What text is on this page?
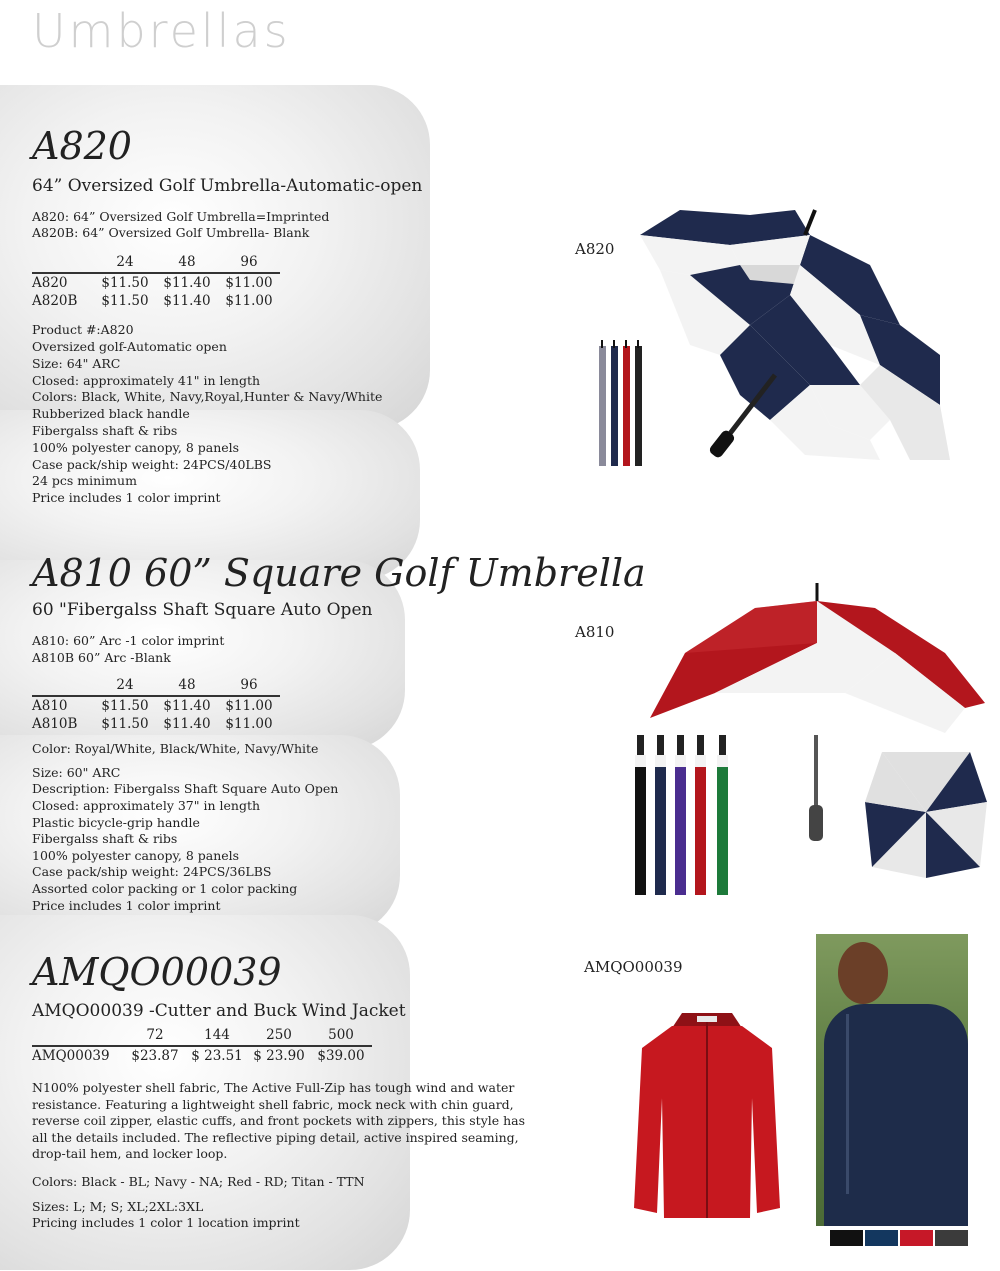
Umbrellas
A820
64” Oversized Golf Umbrella-Automatic-open
A820: 64” Oversized Golf Umbrella=Imprinted
A820B: 64” Oversized Golf Umbrella- Blank
	24	48	96
A820	$11.50	$11.40	$11.00
A820B	$11.50	$11.40	$11.00
Product #:A820
Oversized golf-Automatic open
Size: 64" ARC
Closed: approximately 41" in length
Colors: Black, White, Navy,Royal,Hunter & Navy/White
Rubberized black handle
Fibergalss shaft & ribs
100% polyester canopy, 8 panels
Case pack/ship weight: 24PCS/40LBS
24 pcs minimum
Price includes 1 color imprint
A820
A810 60” Square Golf Umbrella
60 "Fibergalss Shaft Square Auto Open
A810: 60” Arc -1 color imprint
A810B 60” Arc -Blank
	24	48	96
A810	$11.50	$11.40	$11.00
A810B	$11.50	$11.40	$11.00
Color: Royal/White, Black/White, Navy/White
Size: 60" ARC
Description: Fibergalss Shaft Square Auto Open
Closed: approximately 37" in length
Plastic bicycle-grip handle
Fibergalss shaft & ribs
100% polyester canopy, 8 panels
Case pack/ship weight: 24PCS/36LBS
Assorted color packing or 1 color packing
Price includes 1 color imprint
A810
AMQO00039
AMQO00039 -Cutter and Buck Wind Jacket
	72	144	250	500
AMQ00039	$23.87	$ 23.51	$ 23.90	$39.00
N100% polyester shell fabric, The Active Full-Zip has tough wind and water resistance. Featuring a lightweight shell fabric, mock neck with chin guard, reverse coil zipper, elastic cuffs, and front pockets with zippers, this style has all the details included. The reflective piping detail, active inspired seaming, drop-tail hem, and locker loop.
Colors: Black - BL; Navy - NA; Red - RD; Titan - TTN
Sizes: L; M; S; XL;2XL:3XL
Pricing includes 1 color 1 location imprint
AMQO00039
